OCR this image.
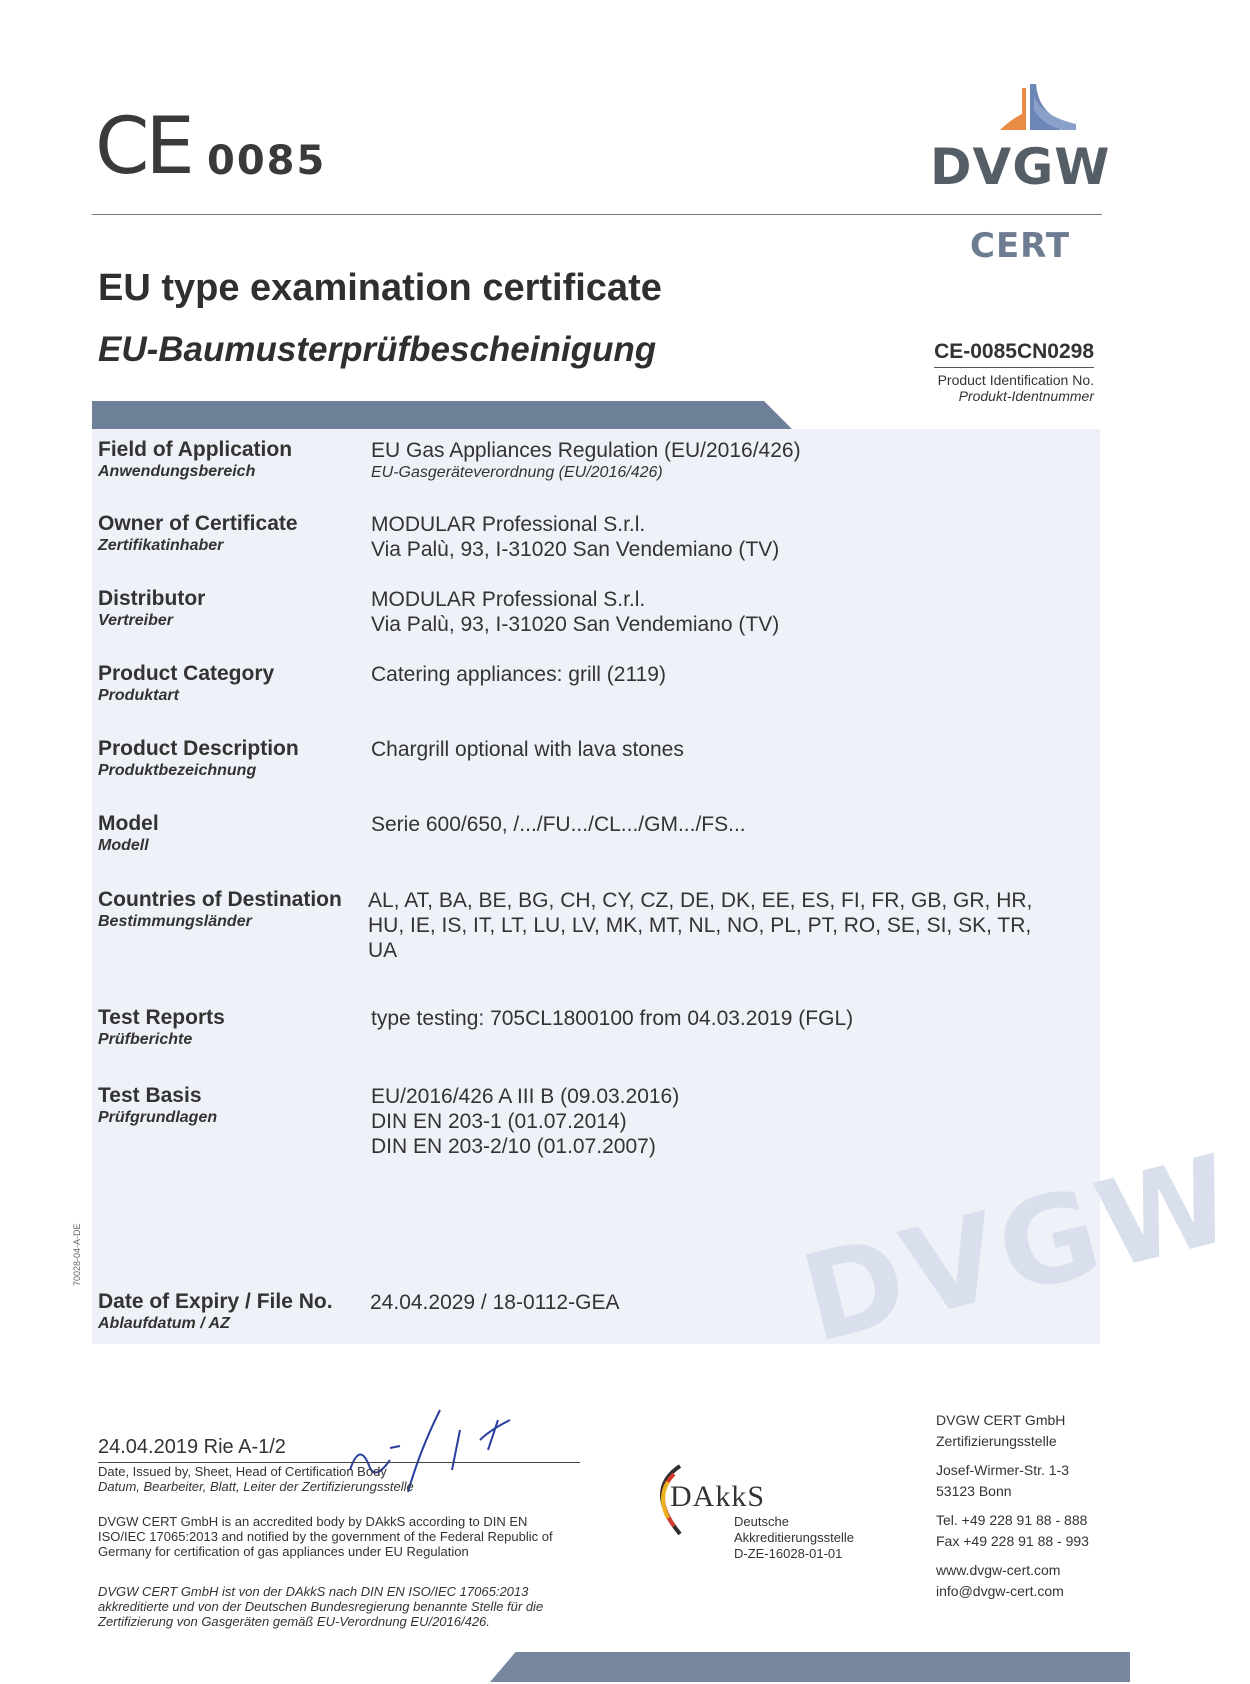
CE 0085	DVGW
CERT
EU type examination certificate
EU-Baumusterprüfbescheinigung	CE-0085CN0298
Product Identification No.
Produkt-Identnummer
DVGW
Field of Application
Anwendungsbereich
EU Gas Appliances Regulation (EU/2016/426)
EU-Gasgeräteverordnung (EU/2016/426)
Owner of Certificate
Zertifikatinhaber
MODULAR Professional S.r.l.
Via Palù, 93, I-31020 San Vendemiano (TV)
Distributor
Vertreiber
MODULAR Professional S.r.l.
Via Palù, 93, I-31020 San Vendemiano (TV)
Product Category
Produktart
Catering appliances: grill (2119)
Product Description
Produktbezeichnung
Chargrill optional with lava stones
Model
Modell
Serie 600/650, /.../FU.../CL.../GM.../FS...
Countries of Destination
Bestimmungsländer
AL, AT, BA, BE, BG, CH, CY, CZ, DE, DK, EE, ES, FI, FR, GB, GR, HR,
HU, IE, IS, IT, LT, LU, LV, MK, MT, NL, NO, PL, PT, RO, SE, SI, SK, TR,
UA
Test Reports
Prüfberichte
type testing: 705CL1800100 from 04.03.2019 (FGL)
Test Basis
Prüfgrundlagen
EU/2016/426 A III B (09.03.2016)
DIN EN 203-1 (01.07.2014)
DIN EN 203-2/10 (01.07.2007)
Date of Expiry / File No.
Ablaufdatum / AZ
24.04.2029 / 18-0112-GEA
70028-04-A-DE
24.04.2019 Rie A-1/2
Date, Issued by, Sheet, Head of Certification Body
Datum, Bearbeiter, Blatt, Leiter der Zertifizierungsstelle
DVGW CERT GmbH is an accredited body by DAkkS according to DIN EN ISO/IEC 17065:2013 and notified by the government of the Federal Republic of Germany for certification of gas appliances under EU Regulation
DVGW CERT GmbH ist von der DAkkS nach DIN EN ISO/IEC 17065:2013 akkreditierte und von der Deutschen Bundesregierung benannte Stelle für die Zertifizierung von Gasgeräten gemäß EU-Verordnung EU/2016/426.
DAkkS
Deutsche
Akkreditierungsstelle
D-ZE-16028-01-01
DVGW CERT GmbH
Zertifizierungsstelle
Josef-Wirmer-Str. 1-3
53123 Bonn
Tel. +49 228 91 88 - 888
Fax +49 228 91 88 - 993
www.dvgw-cert.com
info@dvgw-cert.com
